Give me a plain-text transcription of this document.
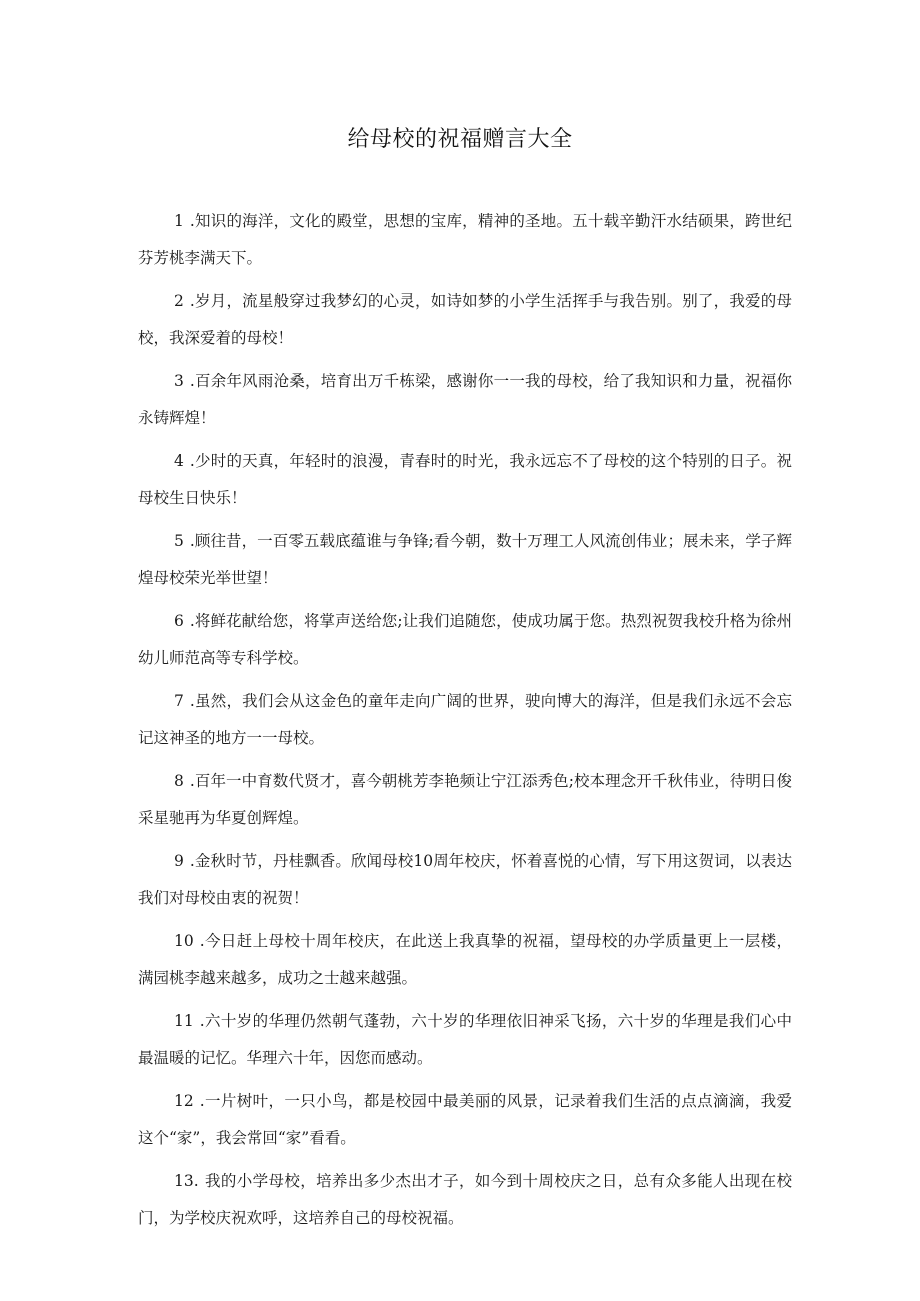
给母校的祝福赠言大全

1 .知识的海洋，文化的殿堂，思想的宝库，精神的圣地。五十载辛勤汗水结硕果，跨世纪芬芳桃李满天下。

2 .岁月，流星般穿过我梦幻的心灵，如诗如梦的小学生活挥手与我告别。别了，我爱的母校，我深爱着的母校！

3 .百余年风雨沧桑，培育出万千栋梁，感谢你一一我的母校，给了我知识和力量，祝福你永铸辉煌！

4 .少时的天真，年轻时的浪漫，青春时的时光，我永远忘不了母校的这个特别的日子。祝母校生日快乐！

5 .顾往昔，一百零五载底蕴谁与争锋;看今朝，数十万理工人风流创伟业；展未来，学子辉煌母校荣光举世望！

6 .将鲜花献给您，将掌声送给您;让我们追随您，使成功属于您。热烈祝贺我校升格为徐州幼儿师范高等专科学校。

7 .虽然，我们会从这金色的童年走向广阔的世界，驶向博大的海洋，但是我们永远不会忘记这神圣的地方一一母校。

8 .百年一中育数代贤才，喜今朝桃芳李艳频让宁江添秀色;校本理念开千秋伟业，待明日俊采星驰再为华夏创辉煌。

9 .金秋时节，丹桂飘香。欣闻母校10周年校庆，怀着喜悦的心情，写下用这贺词，以表达我们对母校由衷的祝贺！

10 .今日赶上母校十周年校庆，在此送上我真挚的祝福，望母校的办学质量更上一层楼，满园桃李越来越多，成功之士越来越强。

11 .六十岁的华理仍然朝气蓬勃，六十岁的华理依旧神采飞扬，六十岁的华理是我们心中最温暖的记忆。华理六十年，因您而感动。

12 .一片树叶，一只小鸟，都是校园中最美丽的风景，记录着我们生活的点点滴滴，我爱这个“家”，我会常回“家”看看。

13. 我的小学母校，培养出多少杰出才子，如今到十周校庆之日，总有众多能人出现在校门，为学校庆祝欢呼，这培养自己的母校祝福。
